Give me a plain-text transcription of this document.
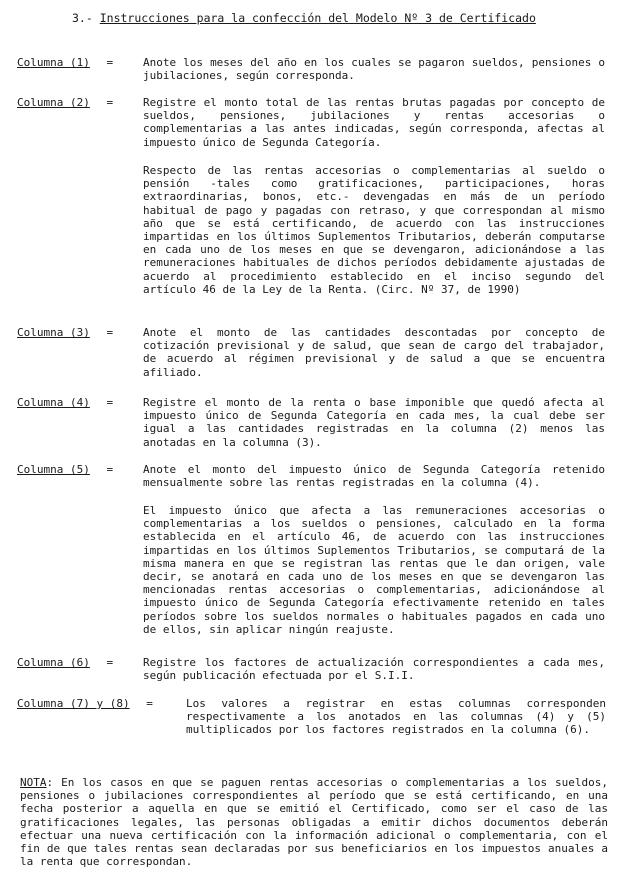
3.- Instrucciones para la confección del Modelo Nº 3 de Certificado
Columna (1) =	Anote los meses del año en los cuales se pagaron sueldos, pensiones o jubilaciones, según corresponda.

Columna (2) =	Registre el monto total de las rentas brutas pagadas por concepto de sueldos, pensiones, jubilaciones y rentas accesorias o complementarias a las antes indicadas, según corresponda, afectas al impuesto único de Segunda Categoría.

Respecto de las rentas accesorias o complementarias al sueldo o pensión -tales como gratificaciones, participaciones, horas extraordinarias, bonos, etc.- devengadas en más de un período habitual de pago y pagadas con retraso, y que correspondan al mismo año que se está certificando, de acuerdo con las instrucciones impartidas en los últimos Suplementos Tributarios, deberán computarse en cada uno de los meses en que se devengaron, adicionándose a las remuneraciones habituales de dichos períodos debidamente ajustadas de acuerdo al procedimiento establecido en el inciso segundo del artículo 46 de la Ley de la Renta. (Circ. Nº 37, de 1990)

Columna (3) =	Anote el monto de las cantidades descontadas por concepto de cotización previsional y de salud, que sean de cargo del trabajador, de acuerdo al régimen previsional y de salud a que se encuentra afiliado.

Columna (4) =	Registre el monto de la renta o base imponible que quedó afecta al impuesto único de Segunda Categoría en cada mes, la cual debe ser igual a las cantidades registradas en la columna (2) menos las anotadas en la columna (3).

Columna (5) =	Anote el monto del impuesto único de Segunda Categoría retenido mensualmente sobre las rentas registradas en la columna (4).

El impuesto único que afecta a las remuneraciones accesorias o complementarias a los sueldos o pensiones, calculado en la forma establecida en el artículo 46, de acuerdo con las instrucciones impartidas en los últimos Suplementos Tributarios, se computará de la misma manera en que se registran las rentas que le dan origen, vale decir, se anotará en cada uno de los meses en que se devengaron las mencionadas rentas accesorias o complementarias, adicionándose al impuesto único de Segunda Categoría efectivamente retenido en tales períodos sobre los sueldos normales o habituales pagados en cada uno de ellos, sin aplicar ningún reajuste.

Columna (6) =	Registre los factores de actualización correspondientes a cada mes, según publicación efectuada por el S.I.I.

Columna (7) y (8) =	Los valores a registrar en estas columnas corresponden respectivamente a los anotados en las columnas (4) y (5) multiplicados por los factores registrados en la columna (6).

NOTA: En los casos en que se paguen rentas accesorias o complementarias a los sueldos, pensiones o jubilaciones correspondientes al período que se está certificando, en una fecha posterior a aquella en que se emitió el Certificado, como ser el caso de las gratificaciones legales, las personas obligadas a emitir dichos documentos deberán efectuar una nueva certificación con la información adicional o complementaria, con el fin de que tales rentas sean declaradas por sus beneficiarios en los impuestos anuales a la renta que correspondan.
